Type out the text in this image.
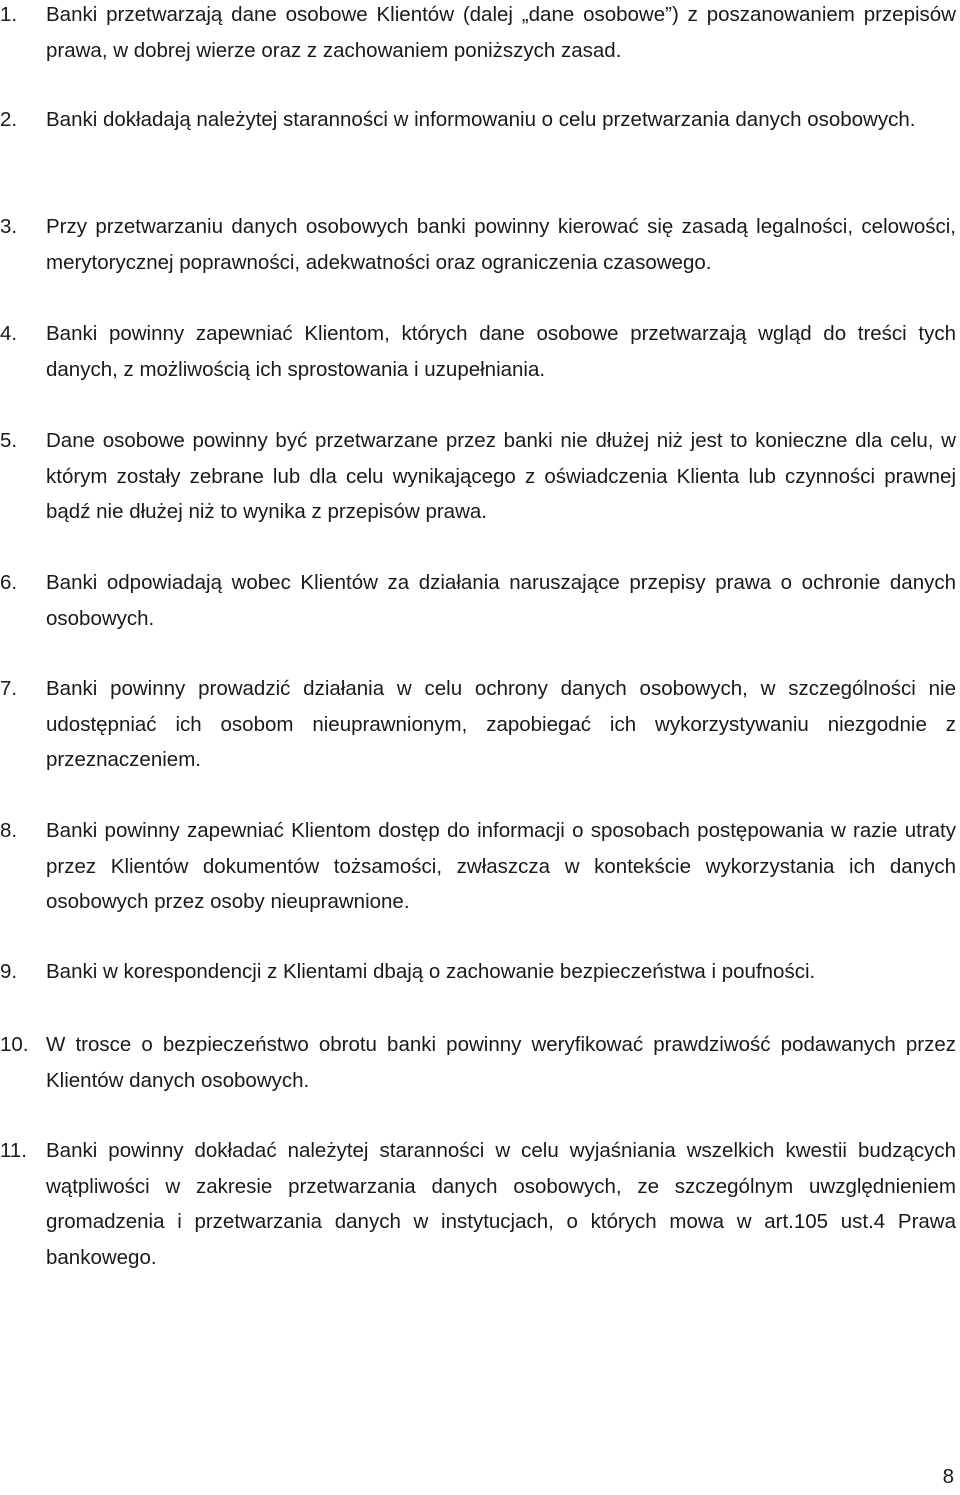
1.	Banki przetwarzają dane osobowe Klientów (dalej „dane osobowe”) z poszanowaniem przepisów prawa, w dobrej wierze oraz z zachowaniem poniższych zasad.
2.	Banki dokładają należytej staranności w informowaniu o celu przetwarzania danych osobowych.
3.	Przy przetwarzaniu danych osobowych banki powinny kierować się zasadą legalności, celowości, merytorycznej poprawności, adekwatności oraz ograniczenia czasowego.
4.	Banki powinny zapewniać Klientom, których dane osobowe przetwarzają wgląd do treści tych danych, z możliwością ich sprostowania i uzupełniania.
5.	Dane osobowe powinny być przetwarzane przez banki nie dłużej niż jest to konieczne dla celu, w którym zostały zebrane lub dla celu wynikającego z oświadczenia Klienta lub czynności prawnej bądź nie dłużej niż to wynika z przepisów prawa.
6.	Banki odpowiadają wobec Klientów za działania naruszające przepisy prawa o ochronie danych osobowych.
7.	Banki powinny prowadzić działania w celu ochrony danych osobowych, w szczególności nie udostępniać ich osobom nieuprawnionym, zapobiegać ich wykorzystywaniu niezgodnie z przeznaczeniem.
8.	Banki powinny zapewniać Klientom dostęp do informacji o sposobach postępowania w razie utraty przez Klientów dokumentów tożsamości, zwłaszcza w kontekście wykorzystania ich danych osobowych przez osoby nieuprawnione.
9.	Banki w korespondencji z Klientami dbają o zachowanie bezpieczeństwa i poufności.
10. W trosce o bezpieczeństwo obrotu banki powinny weryfikować prawdziwość podawanych przez Klientów danych osobowych.
11. Banki powinny dokładać należytej staranności w celu wyjaśniania wszelkich kwestii budzących wątpliwości w zakresie przetwarzania danych osobowych, ze szczególnym uwzględnieniem gromadzenia i przetwarzania danych w instytucjach, o których mowa w art.105 ust.4 Prawa bankowego.
8
